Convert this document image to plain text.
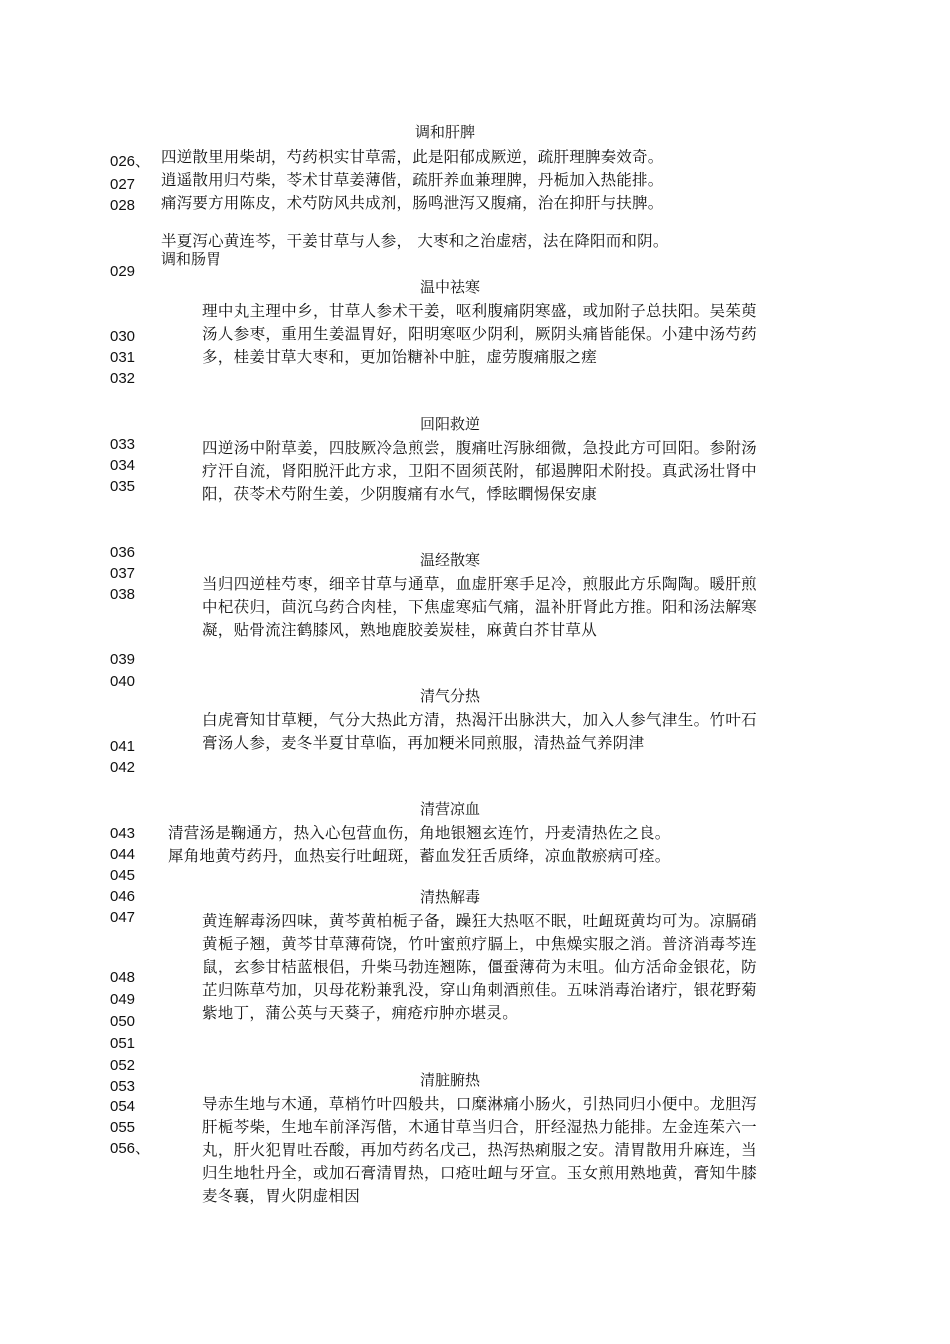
026、
027
028
029
030
031
032
033
034
035
036
037
038
039
040
041
042
043
044
045
046
047
048
049
050
051
052
053
054
055
056、
调和肝脾
四逆散里用柴胡，芍药枳实甘草需，此是阳郁成厥逆，疏肝理脾奏效奇。
逍遥散用归芍柴，苓术甘草姜薄偕，疏肝养血兼理脾，丹栀加入热能排。
痛泻要方用陈皮，术芍防风共成剂，肠鸣泄泻又腹痛，治在抑肝与扶脾。
半夏泻心黄连芩，干姜甘草与人参， 大枣和之治虚痞，法在降阳而和阴。
调和肠胃
温中祛寒
理中丸主理中乡，甘草人参术干姜，呕利腹痛阴寒盛，或加附子总扶阳。吴茱萸汤人参枣，重用生姜温胃好，阳明寒呕少阴利，厥阴头痛皆能保。小建中汤芍药多，桂姜甘草大枣和，更加饴糖补中脏，虚劳腹痛服之瘥
回阳救逆
四逆汤中附草姜，四肢厥冷急煎尝，腹痛吐泻脉细微，急投此方可回阳。参附汤疗汗自流，肾阳脱汗此方求，卫阳不固须芪附，郁遏脾阳术附投。真武汤壮肾中阳，茯苓术芍附生姜，少阴腹痛有水气，悸眩瞤惕保安康
温经散寒
当归四逆桂芍枣，细辛甘草与通草，血虚肝寒手足冷，煎服此方乐陶陶。暖肝煎中杞茯归，茴沉乌药合肉桂，下焦虚寒疝气痛，温补肝肾此方推。阳和汤法解寒凝，贴骨流注鹤膝风，熟地鹿胶姜炭桂，麻黄白芥甘草从
清气分热
白虎膏知甘草粳，气分大热此方清，热渴汗出脉洪大，加入人参气津生。竹叶石膏汤人参，麦冬半夏甘草临，再加粳米同煎服，清热益气养阴津
清营凉血
清营汤是鞠通方，热入心包营血伤，角地银翘玄连竹，丹麦清热佐之良。
犀角地黄芍药丹，血热妄行吐衄斑，蓄血发狂舌质绛，凉血散瘀病可痊。
清热解毒
黄连解毒汤四味，黄芩黄柏栀子备，躁狂大热呕不眠，吐衄斑黄均可为。凉膈硝黄栀子翘，黄芩甘草薄荷饶，竹叶蜜煎疗膈上，中焦燥实服之消。普济消毒芩连鼠，玄参甘桔蓝根侣，升柴马勃连翘陈，僵蚕薄荷为末咀。仙方活命金银花，防芷归陈草芍加，贝母花粉兼乳没，穿山角刺酒煎佳。五味消毒治诸疔，银花野菊紫地丁，蒲公英与天葵子，痈疮疖肿亦堪灵。
清脏腑热
导赤生地与木通，草梢竹叶四般共，口糜淋痛小肠火，引热同归小便中。龙胆泻肝栀芩柴，生地车前泽泻偕，木通甘草当归合，肝经湿热力能排。左金连茱六一丸，肝火犯胃吐吞酸，再加芍药名戊己，热泻热痢服之安。清胃散用升麻连，当归生地牡丹全，或加石膏清胃热，口疮吐衄与牙宣。玉女煎用熟地黄，膏知牛膝麦冬襄，胃火阴虚相因
